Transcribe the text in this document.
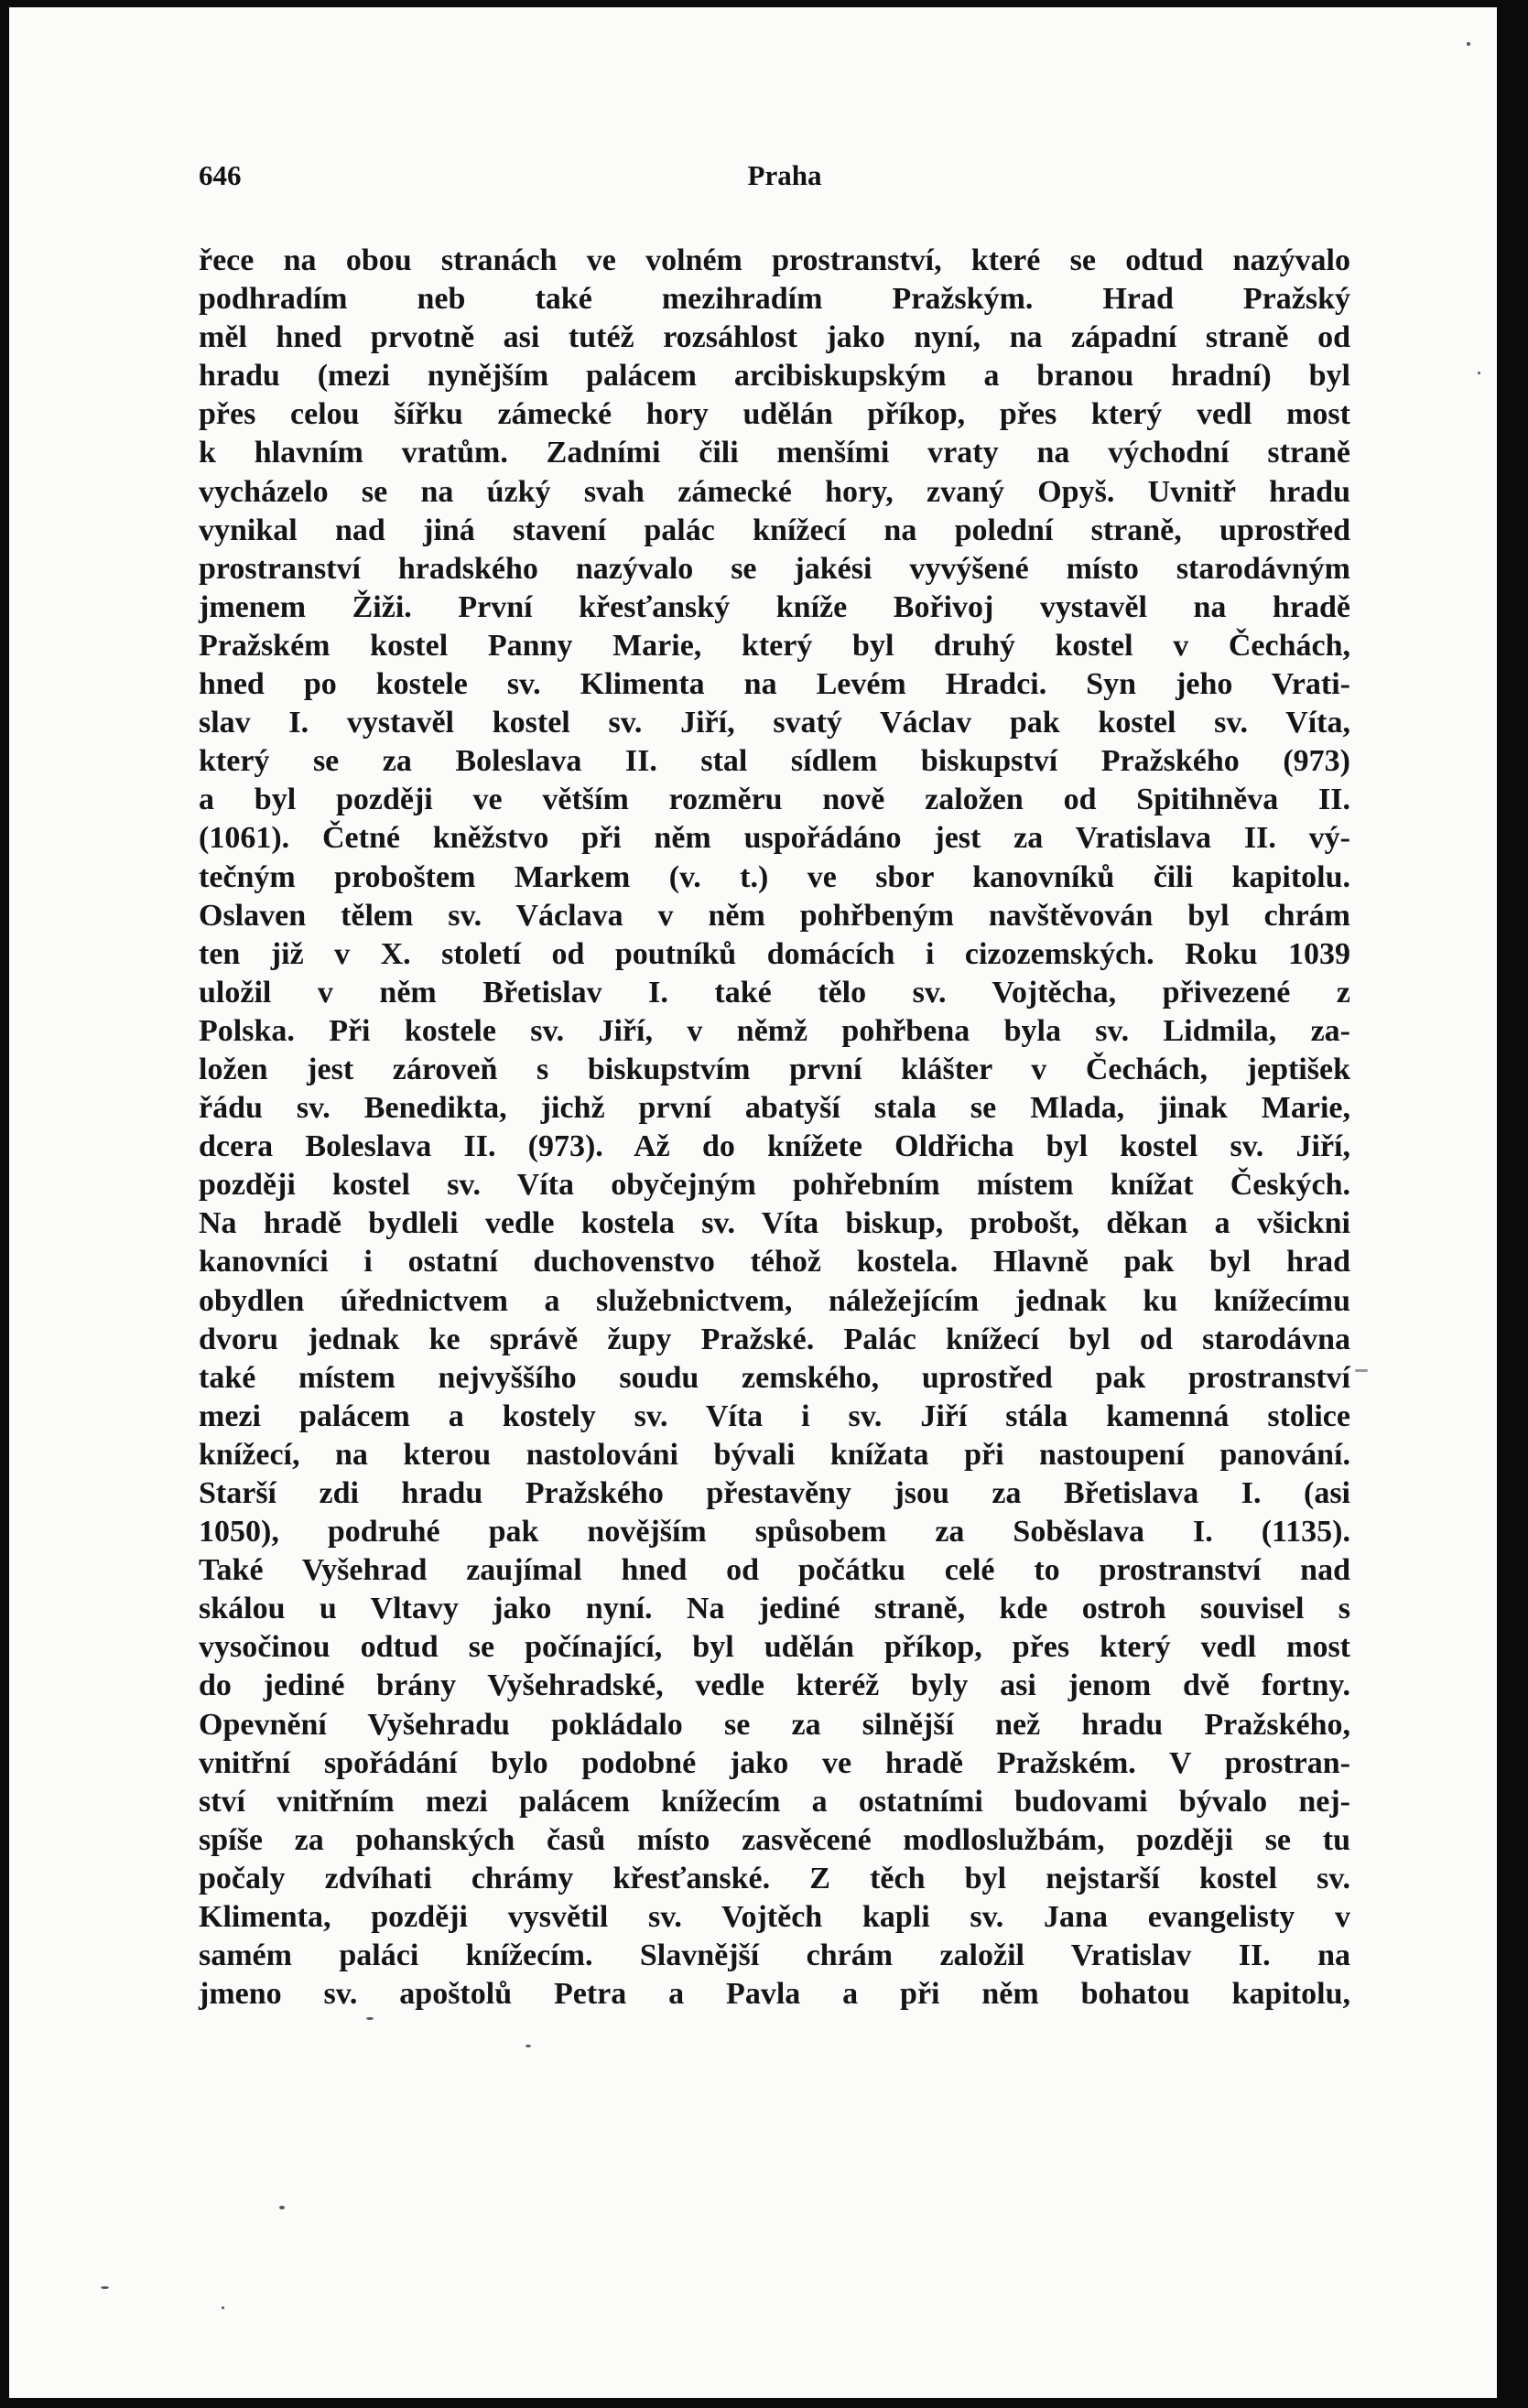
646	Praha
řece na obou stranách ve volném prostranství, které se odtud nazývalo
podhradím neb také mezihradím Pražským. Hrad Pražský
měl hned prvotně asi tutéž rozsáhlost jako nyní, na západní straně od
hradu (mezi nynějším palácem arcibiskupským a branou hradní) byl
přes celou šířku zámecké hory udělán příkop, přes který vedl most
k hlavním vratům. Zadními čili menšími vraty na východní straně
vycházelo se na úzký svah zámecké hory, zvaný Opyš. Uvnitř hradu
vynikal nad jiná stavení palác knížecí na polední straně, uprostřed
prostranství hradského nazývalo se jakési vyvýšené místo starodávným
jmenem Žiži. První křesťanský kníže Bořivoj vystavěl na hradě
Pražském kostel Panny Marie, který byl druhý kostel v Čechách,
hned po kostele sv. Klimenta na Levém Hradci. Syn jeho Vrati-
slav I. vystavěl kostel sv. Jiří, svatý Václav pak kostel sv. Víta,
který se za Boleslava II. stal sídlem biskupství Pražského (973)
a byl později ve větším rozměru nově založen od Spitihněva II.
(1061). Četné kněžstvo při něm uspořádáno jest za Vratislava II. vý-
tečným proboštem Markem (v. t.) ve sbor kanovníků čili kapitolu.
Oslaven tělem sv. Václava v něm pohřbeným navštěvován byl chrám
ten již v X. století od poutníků domácích i cizozemských. Roku 1039
uložil v něm Břetislav I. také tělo sv. Vojtěcha, přivezené z
Polska. Při kostele sv. Jiří, v němž pohřbena byla sv. Lidmila, za-
ložen jest zároveň s biskupstvím první klášter v Čechách, jeptišek
řádu sv. Benedikta, jichž první abatyší stala se Mlada, jinak Marie,
dcera Boleslava II. (973). Až do knížete Oldřicha byl kostel sv. Jiří,
později kostel sv. Víta obyčejným pohřebním místem knížat Českých.
Na hradě bydleli vedle kostela sv. Víta biskup, probošt, děkan a všickni
kanovníci i ostatní duchovenstvo téhož kostela. Hlavně pak byl hrad
obydlen úřednictvem a služebnictvem, náležejícím jednak ku knížecímu
dvoru jednak ke správě župy Pražské. Palác knížecí byl od starodávna
také místem nejvyššího soudu zemského, uprostřed pak prostranství
mezi palácem a kostely sv. Víta i sv. Jiří stála kamenná stolice
knížecí, na kterou nastolováni bývali knížata při nastoupení panování.
Starší zdi hradu Pražského přestavěny jsou za Břetislava I. (asi
1050), podruhé pak novějším spůsobem za Soběslava I. (1135).
Také Vyšehrad zaujímal hned od počátku celé to prostranství nad
skálou u Vltavy jako nyní. Na jediné straně, kde ostroh souvisel s
vysočinou odtud se počínající, byl udělán příkop, přes který vedl most
do jediné brány Vyšehradské, vedle kteréž byly asi jenom dvě fortny.
Opevnění Vyšehradu pokládalo se za silnější než hradu Pražského,
vnitřní spořádání bylo podobné jako ve hradě Pražském. V prostran-
ství vnitřním mezi palácem knížecím a ostatními budovami bývalo nej-
spíše za pohanských časů místo zasvěcené modloslužbám, později se tu
počaly zdvíhati chrámy křesťanské. Z těch byl nejstarší kostel sv.
Klimenta, později vysvětil sv. Vojtěch kapli sv. Jana evangelisty v
samém paláci knížecím. Slavnější chrám založil Vratislav II. na
jmeno sv. apoštolů Petra a Pavla a při něm bohatou kapitolu,
